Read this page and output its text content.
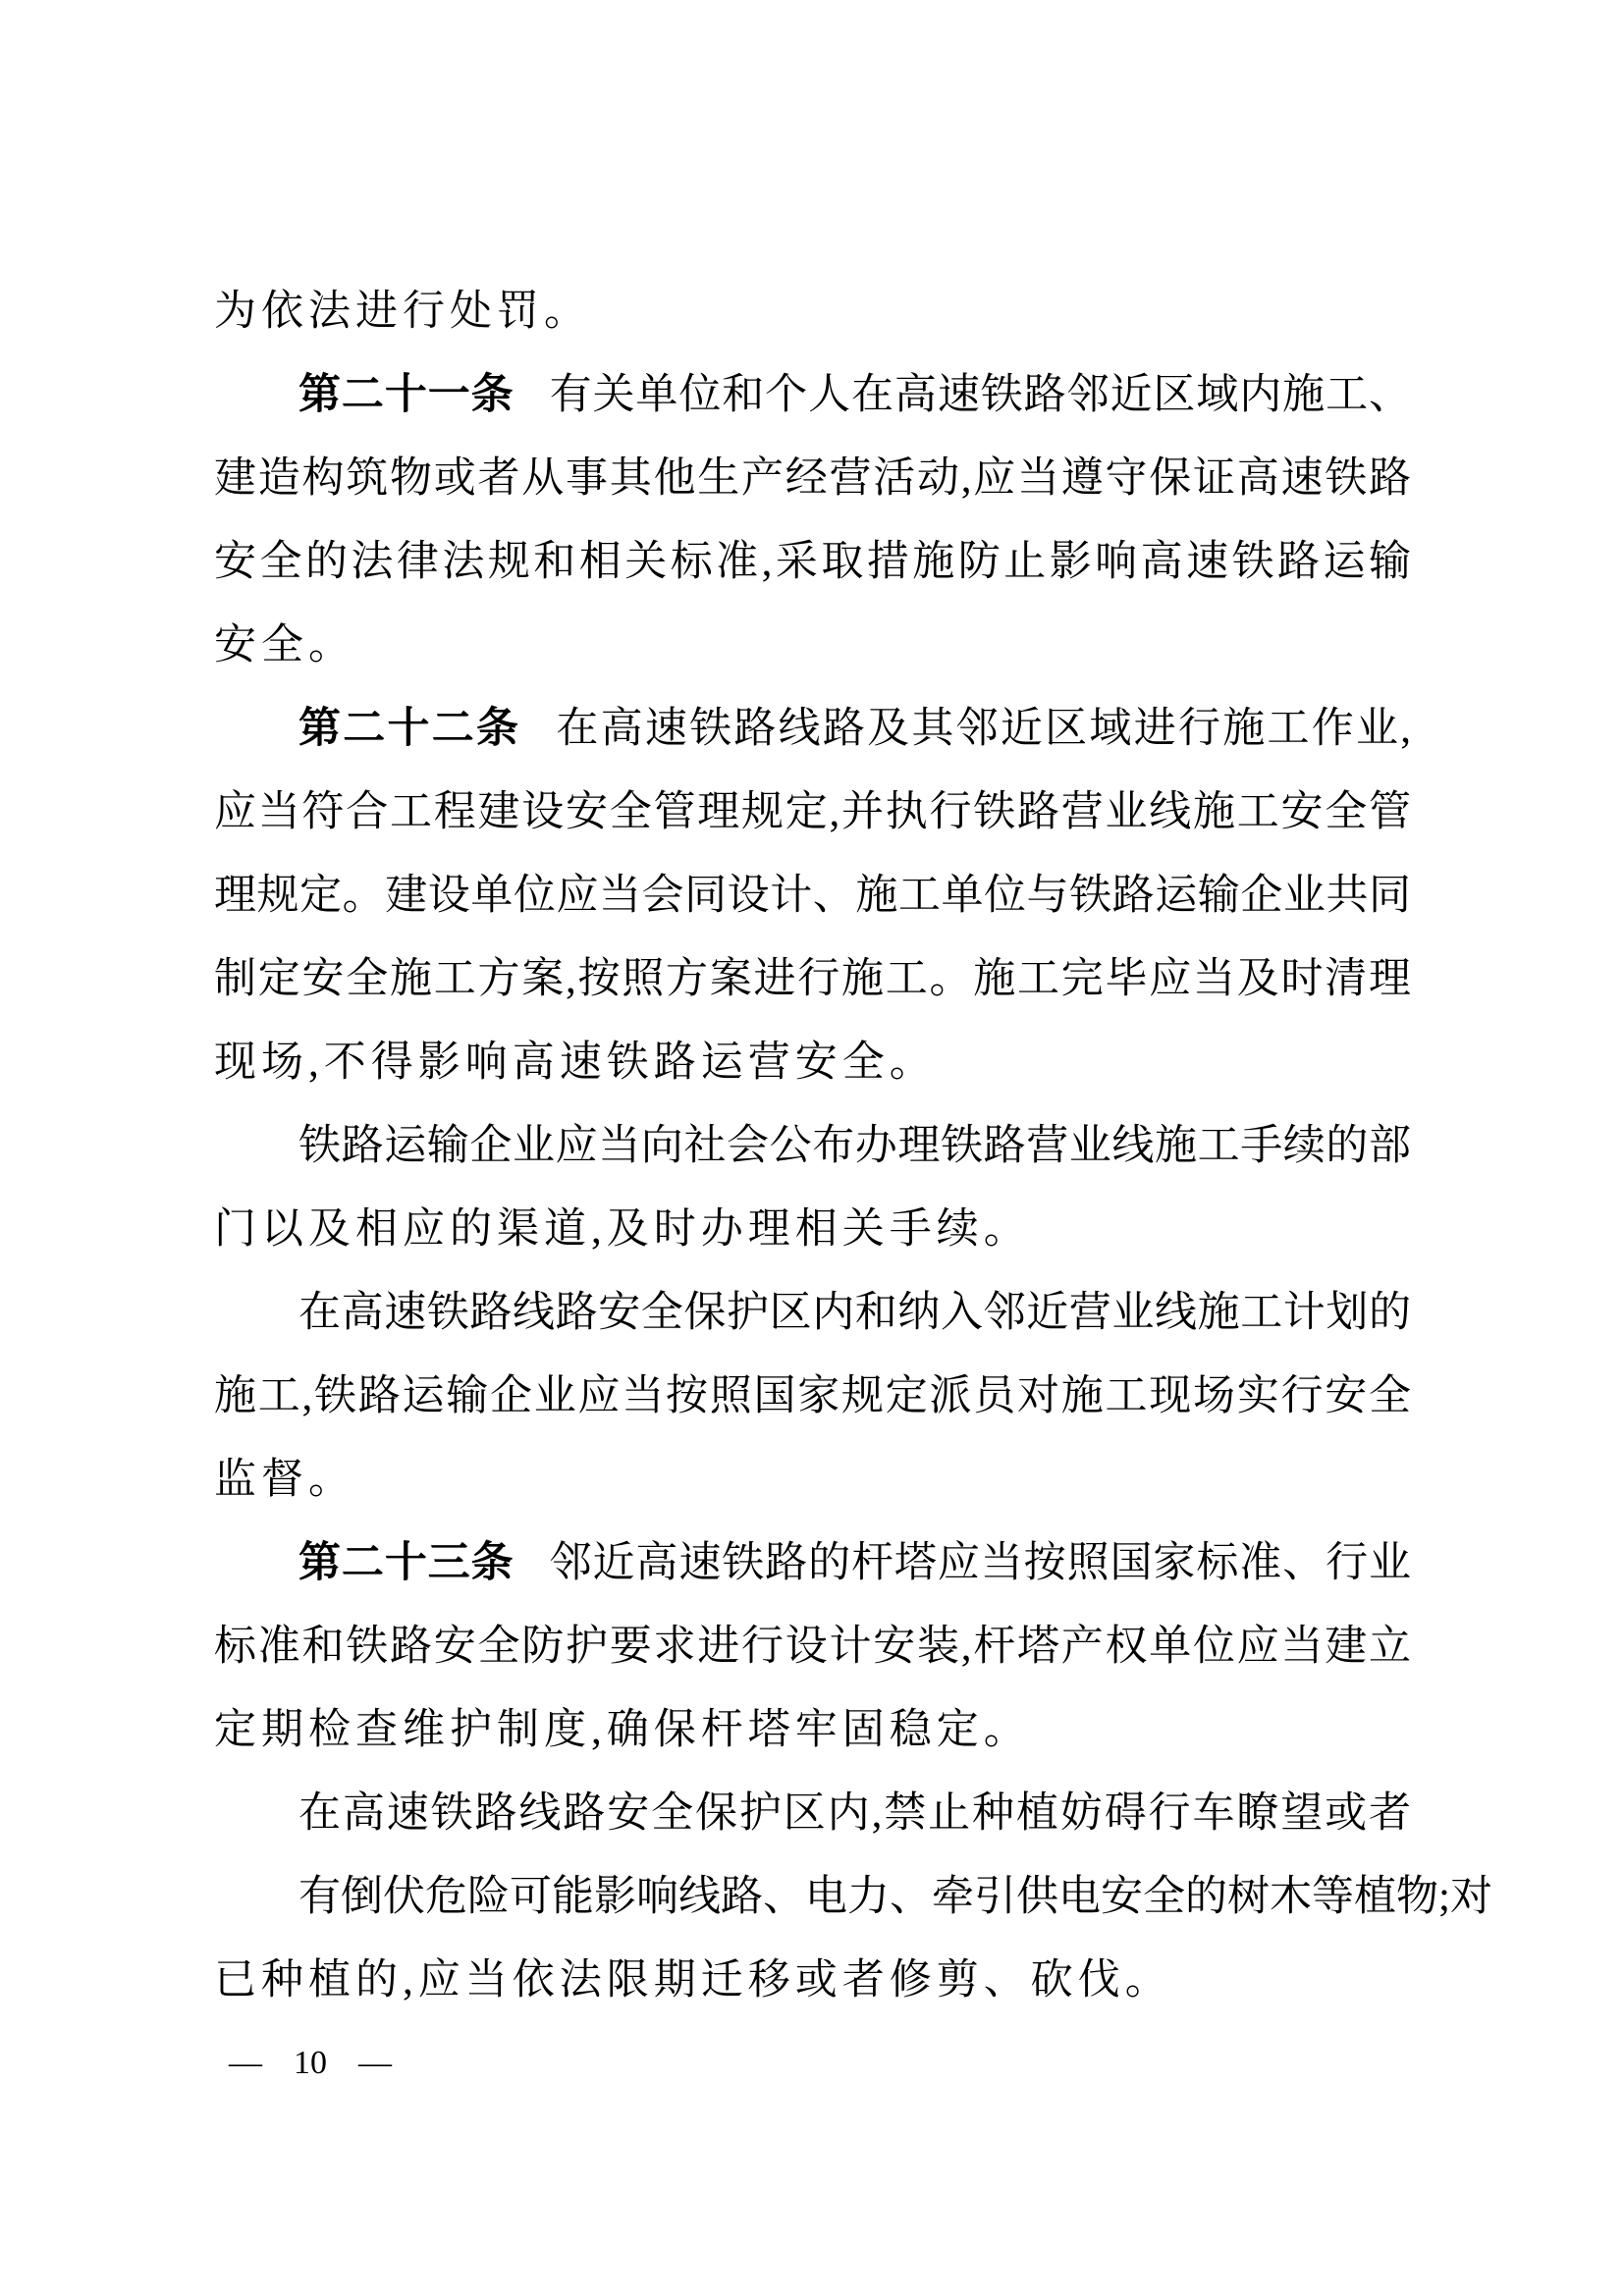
为依法进行处罚。
第二十一条 有关单位和个人在高速铁路邻近区域内施工、
建造构筑物或者从事其他生产经营活动,应当遵守保证高速铁路
安全的法律法规和相关标准,采取措施防止影响高速铁路运输
安全。
第二十二条 在高速铁路线路及其邻近区域进行施工作业,
应当符合工程建设安全管理规定,并执行铁路营业线施工安全管
理规定。建设单位应当会同设计、施工单位与铁路运输企业共同
制定安全施工方案,按照方案进行施工。施工完毕应当及时清理
现场,不得影响高速铁路运营安全。
铁路运输企业应当向社会公布办理铁路营业线施工手续的部
门以及相应的渠道,及时办理相关手续。
在高速铁路线路安全保护区内和纳入邻近营业线施工计划的
施工,铁路运输企业应当按照国家规定派员对施工现场实行安全
监督。
第二十三条 邻近高速铁路的杆塔应当按照国家标准、行业
标准和铁路安全防护要求进行设计安装,杆塔产权单位应当建立
定期检查维护制度,确保杆塔牢固稳定。
在高速铁路线路安全保护区内,禁止种植妨碍行车瞭望或者
有倒伏危险可能影响线路、电力、牵引供电安全的树木等植物;对
已种植的,应当依法限期迁移或者修剪、砍伐。
— 10 —
